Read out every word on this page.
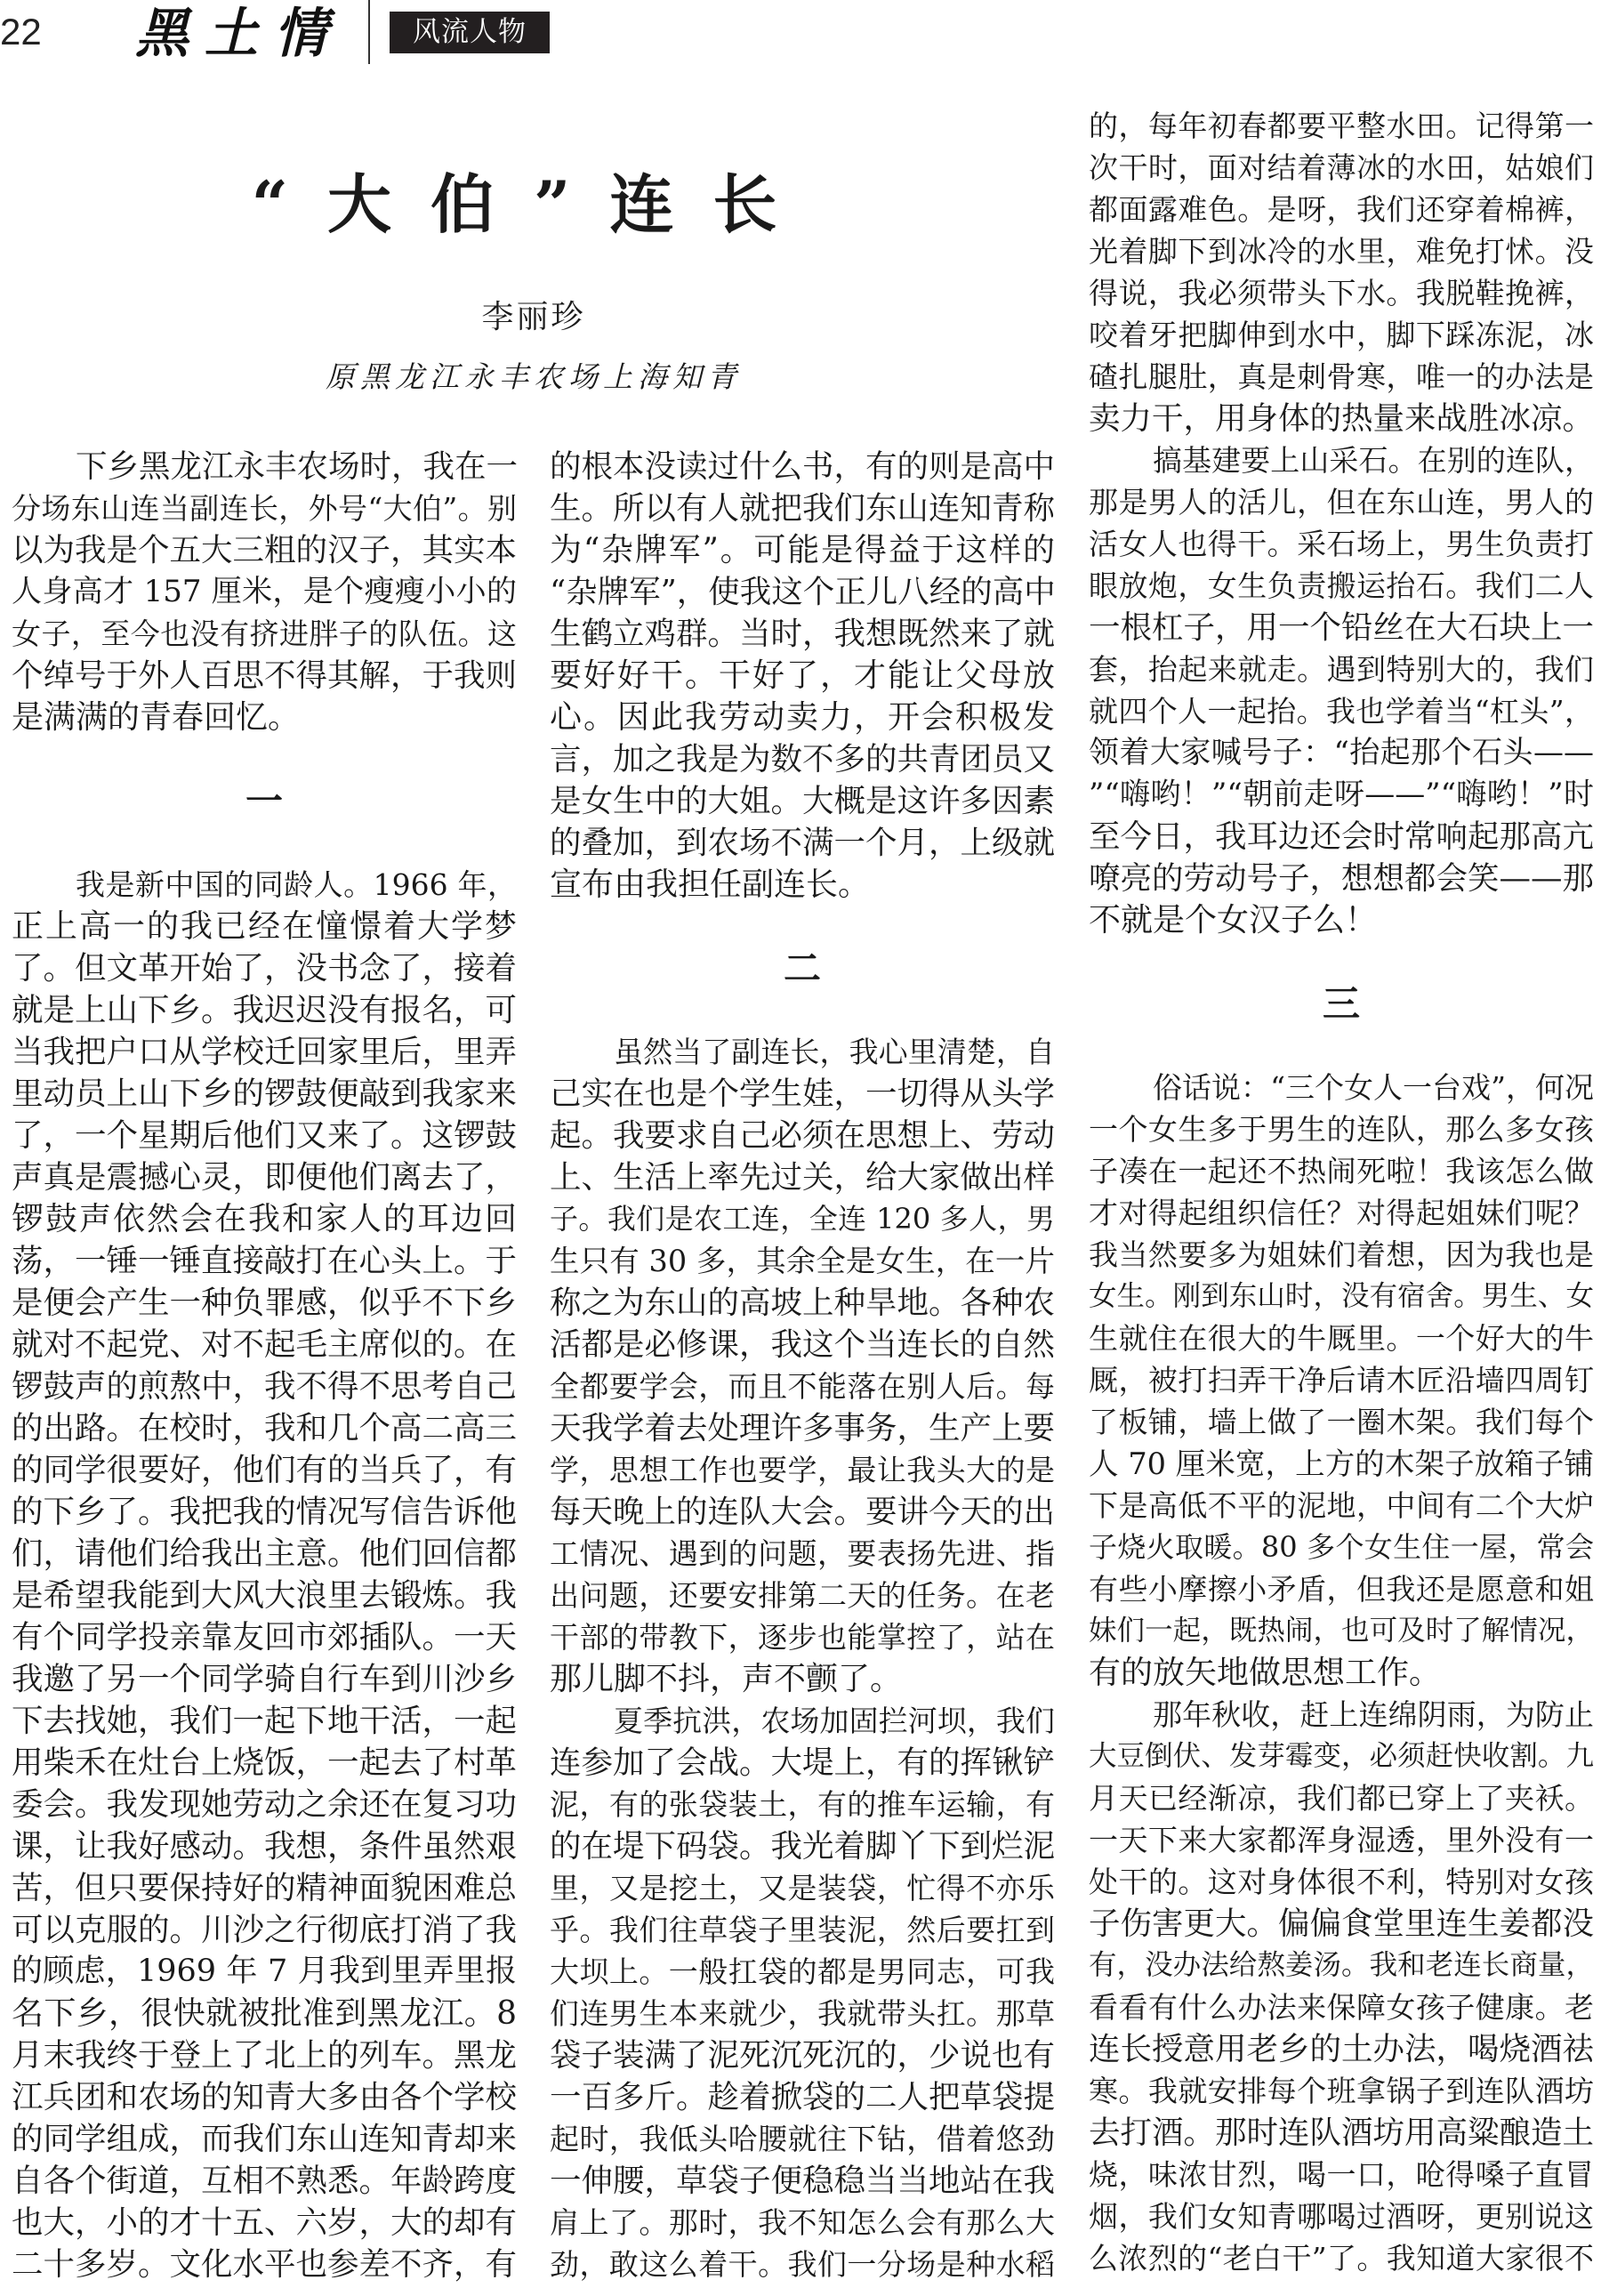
22 黑土情	风流人物
“大伯”连长
李丽珍
原黑龙江永丰农场上海知青
下乡黑龙江永丰农场时，我在一
分场东山连当副连长，外号“大伯”。别
以为我是个五大三粗的汉子，其实本
人身高才 157 厘米，是个瘦瘦小小的
女子，至今也没有挤进胖子的队伍。这
个绰号于外人百思不得其解，于我则
是满满的青春回忆。
一
我是新中国的同龄人。1966 年，
正上高一的我已经在憧憬着大学梦
了。但文革开始了，没书念了，接着
就是上山下乡。我迟迟没有报名，可
当我把户口从学校迁回家里后，里弄
里动员上山下乡的锣鼓便敲到我家来
了，一个星期后他们又来了。这锣鼓
声真是震撼心灵，即便他们离去了，
锣鼓声依然会在我和家人的耳边回
荡，一锤一锤直接敲打在心头上。于
是便会产生一种负罪感，似乎不下乡
就对不起党、对不起毛主席似的。在
锣鼓声的煎熬中，我不得不思考自己
的出路。在校时，我和几个高二高三
的同学很要好，他们有的当兵了，有
的下乡了。我把我的情况写信告诉他
们，请他们给我出主意。他们回信都
是希望我能到大风大浪里去锻炼。我
有个同学投亲靠友回市郊插队。一天
我邀了另一个同学骑自行车到川沙乡
下去找她，我们一起下地干活，一起
用柴禾在灶台上烧饭，一起去了村革
委会。我发现她劳动之余还在复习功
课，让我好感动。我想，条件虽然艰
苦，但只要保持好的精神面貌困难总
可以克服的。川沙之行彻底打消了我
的顾虑，1969 年 7 月我到里弄里报
名下乡，很快就被批准到黑龙江。8
月末我终于登上了北上的列车。黑龙
江兵团和农场的知青大多由各个学校
的同学组成，而我们东山连知青却来
自各个街道，互相不熟悉。年龄跨度
也大，小的才十五、六岁，大的却有
二十多岁。文化水平也参差不齐，有
的根本没读过什么书，有的则是高中
生。所以有人就把我们东山连知青称
为“杂牌军”。可能是得益于这样的
“杂牌军”，使我这个正儿八经的高中
生鹤立鸡群。当时，我想既然来了就
要好好干。干好了，才能让父母放
心。因此我劳动卖力，开会积极发
言，加之我是为数不多的共青团员又
是女生中的大姐。大概是这许多因素
的叠加，到农场不满一个月，上级就
宣布由我担任副连长。
二
虽然当了副连长，我心里清楚，自
己实在也是个学生娃，一切得从头学
起。我要求自己必须在思想上、劳动
上、生活上率先过关，给大家做出样
子。我们是农工连，全连 120 多人，男
生只有 30 多，其余全是女生，在一片
称之为东山的高坡上种旱地。各种农
活都是必修课，我这个当连长的自然
全都要学会，而且不能落在别人后。每
天我学着去处理许多事务，生产上要
学，思想工作也要学，最让我头大的是
每天晚上的连队大会。要讲今天的出
工情况、遇到的问题，要表扬先进、指
出问题，还要安排第二天的任务。在老
干部的带教下，逐步也能掌控了，站在
那儿脚不抖，声不颤了。
夏季抗洪，农场加固拦河坝，我们
连参加了会战。大堤上，有的挥锹铲
泥，有的张袋装土，有的推车运输，有
的在堤下码袋。我光着脚丫下到烂泥
里，又是挖土，又是装袋，忙得不亦乐
乎。我们往草袋子里装泥，然后要扛到
大坝上。一般扛袋的都是男同志，可我
们连男生本来就少，我就带头扛。那草
袋子装满了泥死沉死沉的，少说也有
一百多斤。趁着掀袋的二人把草袋提
起时，我低头哈腰就往下钻，借着悠劲
一伸腰，草袋子便稳稳当当地站在我
肩上了。那时，我不知怎么会有那么大
劲，敢这么着干。我们一分场是种水稻
的，每年初春都要平整水田。记得第一
次干时，面对结着薄冰的水田，姑娘们
都面露难色。是呀，我们还穿着棉裤，
光着脚下到冰冷的水里，难免打怵。没
得说，我必须带头下水。我脱鞋挽裤，
咬着牙把脚伸到水中，脚下踩冻泥，冰
碴扎腿肚，真是刺骨寒，唯一的办法是
卖力干，用身体的热量来战胜冰凉。
搞基建要上山采石。在别的连队，
那是男人的活儿，但在东山连，男人的
活女人也得干。采石场上，男生负责打
眼放炮，女生负责搬运抬石。我们二人
一根杠子，用一个铅丝在大石块上一
套，抬起来就走。遇到特别大的，我们
就四个人一起抬。我也学着当“杠头”，
领着大家喊号子：“抬起那个石头——
”“嗨哟！”“朝前走呀——”“嗨哟！”时
至今日，我耳边还会时常响起那高亢
嘹亮的劳动号子，想想都会笑——那
不就是个女汉子么！
三
俗话说：“三个女人一台戏”，何况
一个女生多于男生的连队，那么多女孩
子凑在一起还不热闹死啦！我该怎么做
才对得起组织信任？对得起姐妹们呢？
我当然要多为姐妹们着想，因为我也是
女生。刚到东山时，没有宿舍。男生、女
生就住在很大的牛厩里。一个好大的牛
厩，被打扫弄干净后请木匠沿墙四周钉
了板铺，墙上做了一圈木架。我们每个
人 70 厘米宽，上方的木架子放箱子铺
下是高低不平的泥地，中间有二个大炉
子烧火取暖。80 多个女生住一屋，常会
有些小摩擦小矛盾，但我还是愿意和姐
妹们一起，既热闹，也可及时了解情况，
有的放矢地做思想工作。
那年秋收，赶上连绵阴雨，为防止
大豆倒伏、发芽霉变，必须赶快收割。九
月天已经渐凉，我们都已穿上了夹袄。
一天下来大家都浑身湿透，里外没有一
处干的。这对身体很不利，特别对女孩
子伤害更大。偏偏食堂里连生姜都没
有，没办法给熬姜汤。我和老连长商量，
看看有什么办法来保障女孩子健康。老
连长授意用老乡的土办法，喝烧酒祛
寒。我就安排每个班拿锅子到连队酒坊
去打酒。那时连队酒坊用高粱酿造土
烧，味浓甘烈，喝一口，呛得嗓子直冒
烟，我们女知青哪喝过酒呀，更别说这
么浓烈的“老白干”了。我知道大家很不
